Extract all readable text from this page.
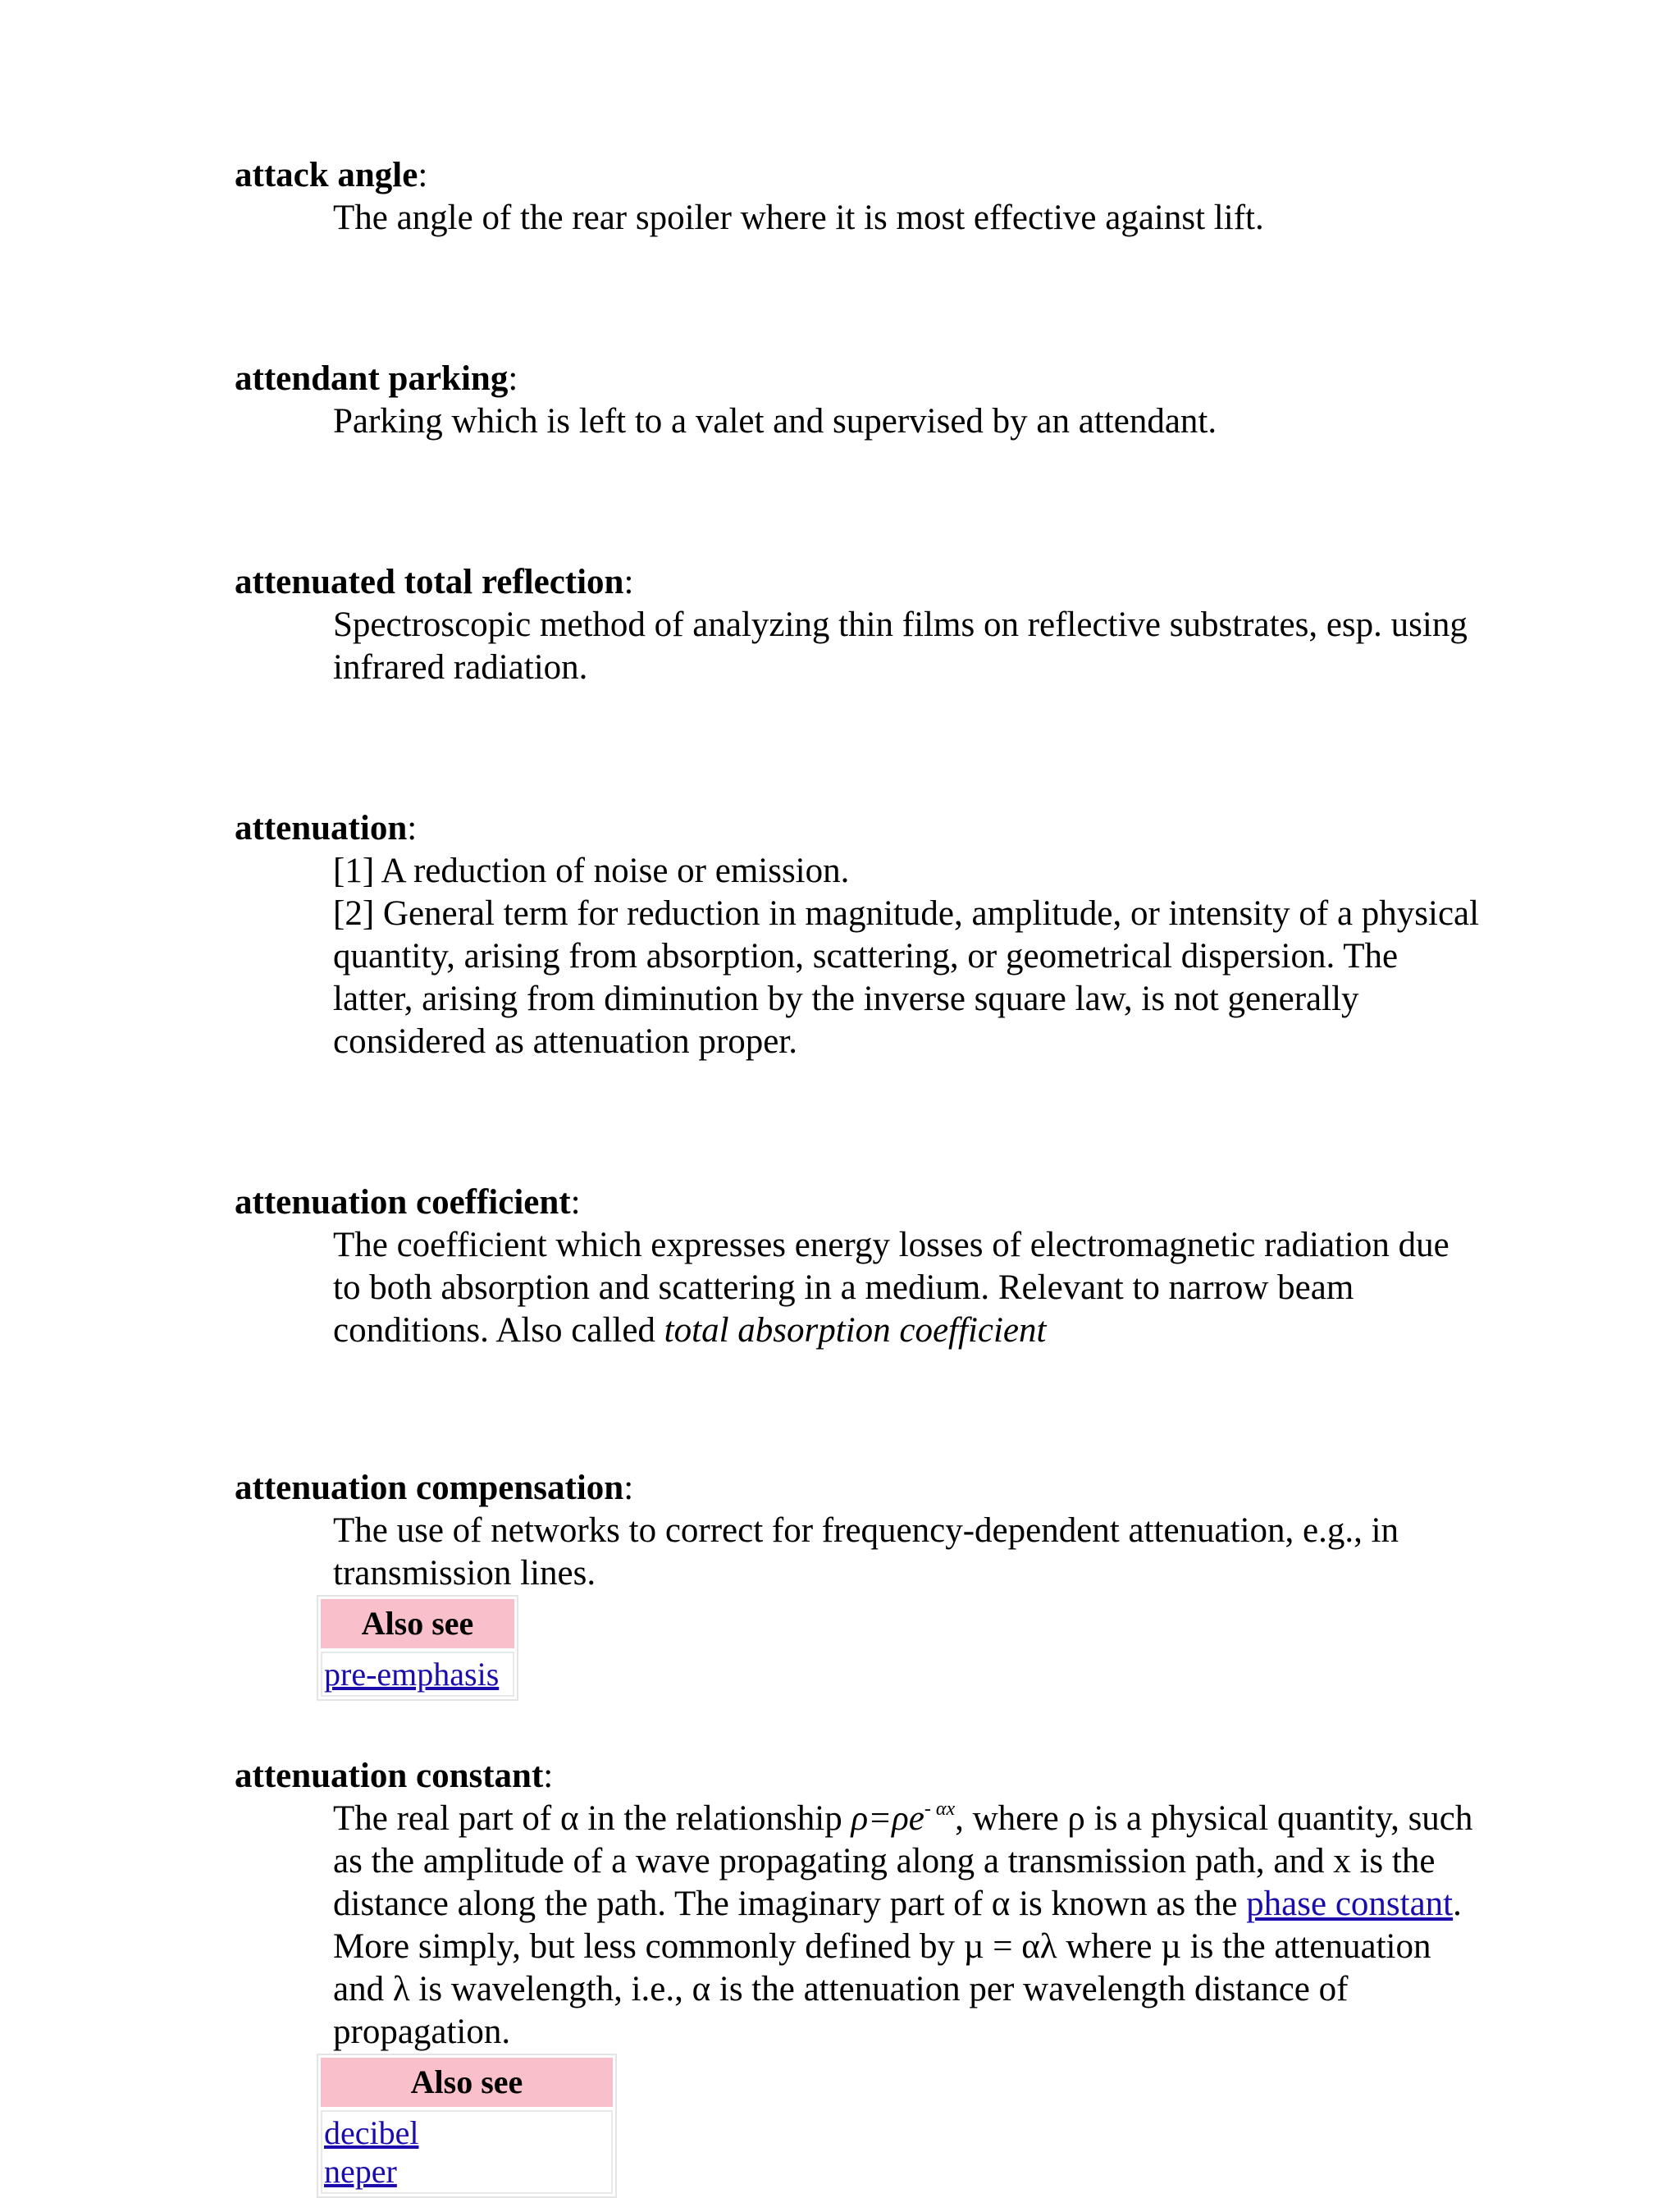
attack angle:
The angle of the rear spoiler where it is most effective against lift.
attendant parking:
Parking which is left to a valet and supervised by an attendant.
attenuated total reflection:
Spectroscopic method of analyzing thin films on reflective substrates, esp. using infrared radiation.
attenuation:
[1] A reduction of noise or emission.
[2] General term for reduction in magnitude, amplitude, or intensity of a physical quantity, arising from absorption, scattering, or geometrical dispersion. The latter, arising from diminution by the inverse square law, is not generally considered as attenuation proper.
attenuation coefficient:
The coefficient which expresses energy losses of electromagnetic radiation due to both absorption and scattering in a medium. Relevant to narrow beam conditions. Also called total absorption coefficient
attenuation compensation:
The use of networks to correct for frequency-dependent attenuation, e.g., in transmission lines.
Also see
pre-emphasis
attenuation constant:
The real part of α in the relationship $\rho=\rho e^{- \alpha x}$, where ρ is a physical quantity, such as the amplitude of a wave propagating along a transmission path, and x is the distance along the path. The imaginary part of α is known as the phase constant. More simply, but less commonly defined by µ = αλ where µ is the attenuation and λ is wavelength, i.e., α is the attenuation per wavelength distance of propagation.
Also see
decibel
neper
